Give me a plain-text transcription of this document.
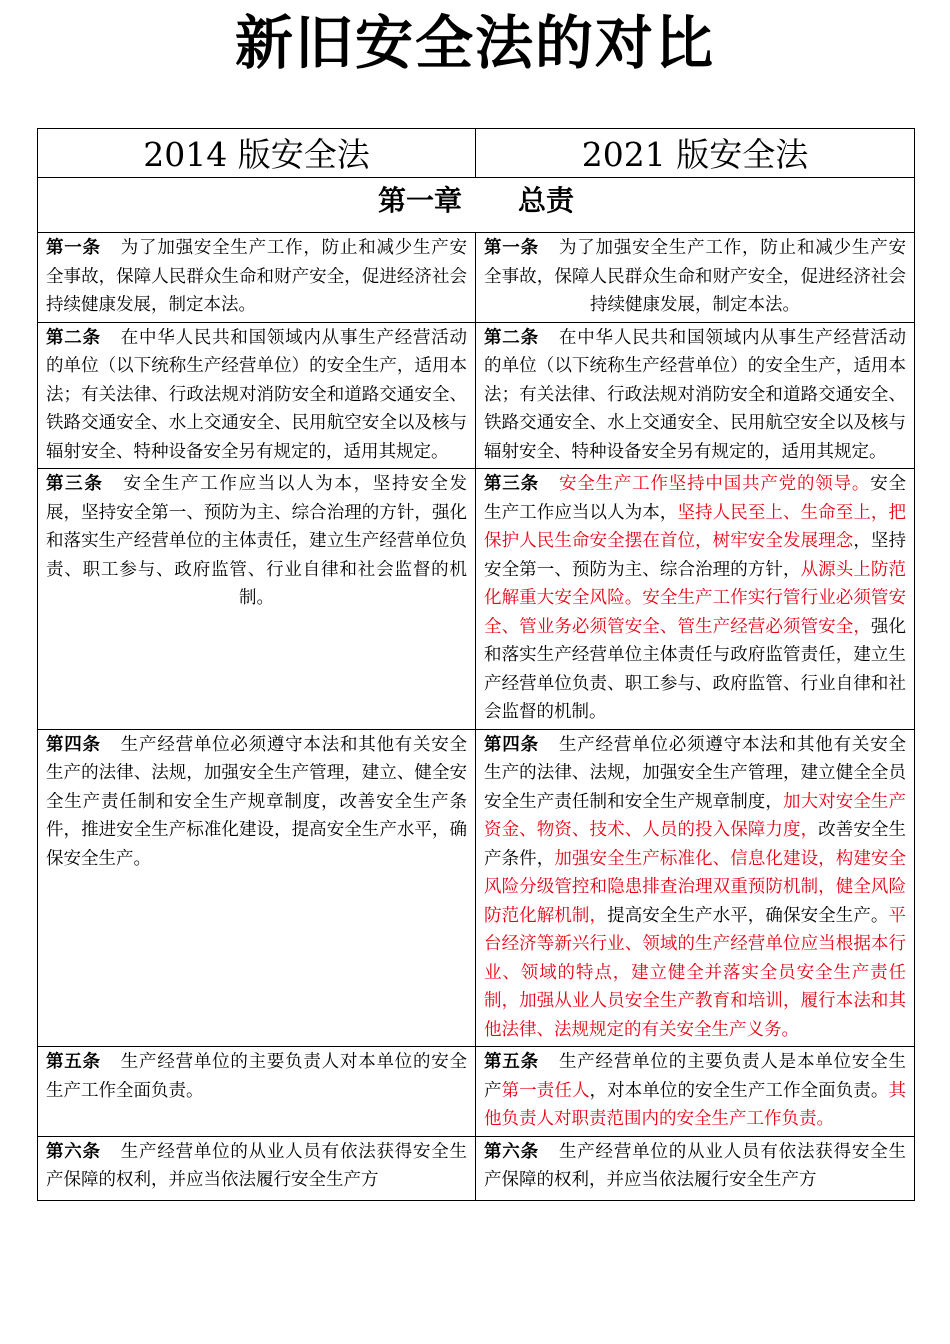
新旧安全法的对比
2014 版安全法	2021 版安全法
第一章 总责	
第一条 为了加强安全生产工作，防止和减少生产安全事故，保障人民群众生命和财产安全，促进经济社会持续健康发展，制定本法。	第一条 为了加强安全生产工作，防止和减少生产安全事故，保障人民群众生命和财产安全，促进经济社会持续健康发展，制定本法。
第二条 在中华人民共和国领域内从事生产经营活动的单位（以下统称生产经营单位）的安全生产，适用本法；有关法律、行政法规对消防安全和道路交通安全、铁路交通安全、水上交通安全、民用航空安全以及核与辐射安全、特种设备安全另有规定的，适用其规定。	第二条 在中华人民共和国领域内从事生产经营活动的单位（以下统称生产经营单位）的安全生产，适用本法；有关法律、行政法规对消防安全和道路交通安全、铁路交通安全、水上交通安全、民用航空安全以及核与辐射安全、特种设备安全另有规定的，适用其规定。
第三条 安全生产工作应当以人为本，坚持安全发展，坚持安全第一、预防为主、综合治理的方针，强化和落实生产经营单位的主体责任，建立生产经营单位负责、职工参与、政府监管、行业自律和社会监督的机制。	第三条 安全生产工作坚持中国共产党的领导。安全生产工作应当以人为本，坚持人民至上、生命至上，把保护人民生命安全摆在首位，树牢安全发展理念，坚持安全第一、预防为主、综合治理的方针，从源头上防范化解重大安全风险。安全生产工作实行管行业必须管安全、管业务必须管安全、管生产经营必须管安全，强化和落实生产经营单位主体责任与政府监管责任，建立生产经营单位负责、职工参与、政府监管、行业自律和社会监督的机制。
第四条 生产经营单位必须遵守本法和其他有关安全生产的法律、法规，加强安全生产管理，建立、健全安全生产责任制和安全生产规章制度，改善安全生产条件，推进安全生产标准化建设，提高安全生产水平，确保安全生产。	第四条 生产经营单位必须遵守本法和其他有关安全生产的法律、法规，加强安全生产管理，建立健全全员安全生产责任制和安全生产规章制度，加大对安全生产资金、物资、技术、人员的投入保障力度，改善安全生产条件，加强安全生产标准化、信息化建设，构建安全风险分级管控和隐患排查治理双重预防机制，健全风险防范化解机制，提高安全生产水平，确保安全生产。平台经济等新兴行业、领域的生产经营单位应当根据本行业、领域的特点，建立健全并落实全员安全生产责任制，加强从业人员安全生产教育和培训，履行本法和其他法律、法规规定的有关安全生产义务。
第五条 生产经营单位的主要负责人对本单位的安全生产工作全面负责。	第五条 生产经营单位的主要负责人是本单位安全生产第一责任人，对本单位的安全生产工作全面负责。其他负责人对职责范围内的安全生产工作负责。

第六条 生产经营单位的从业人员有依法获得安全生产保障的权利，并应当依法履行安全生产方	第六条 生产经营单位的从业人员有依法获得安全生产保障的权利，并应当依法履行安全生产方
